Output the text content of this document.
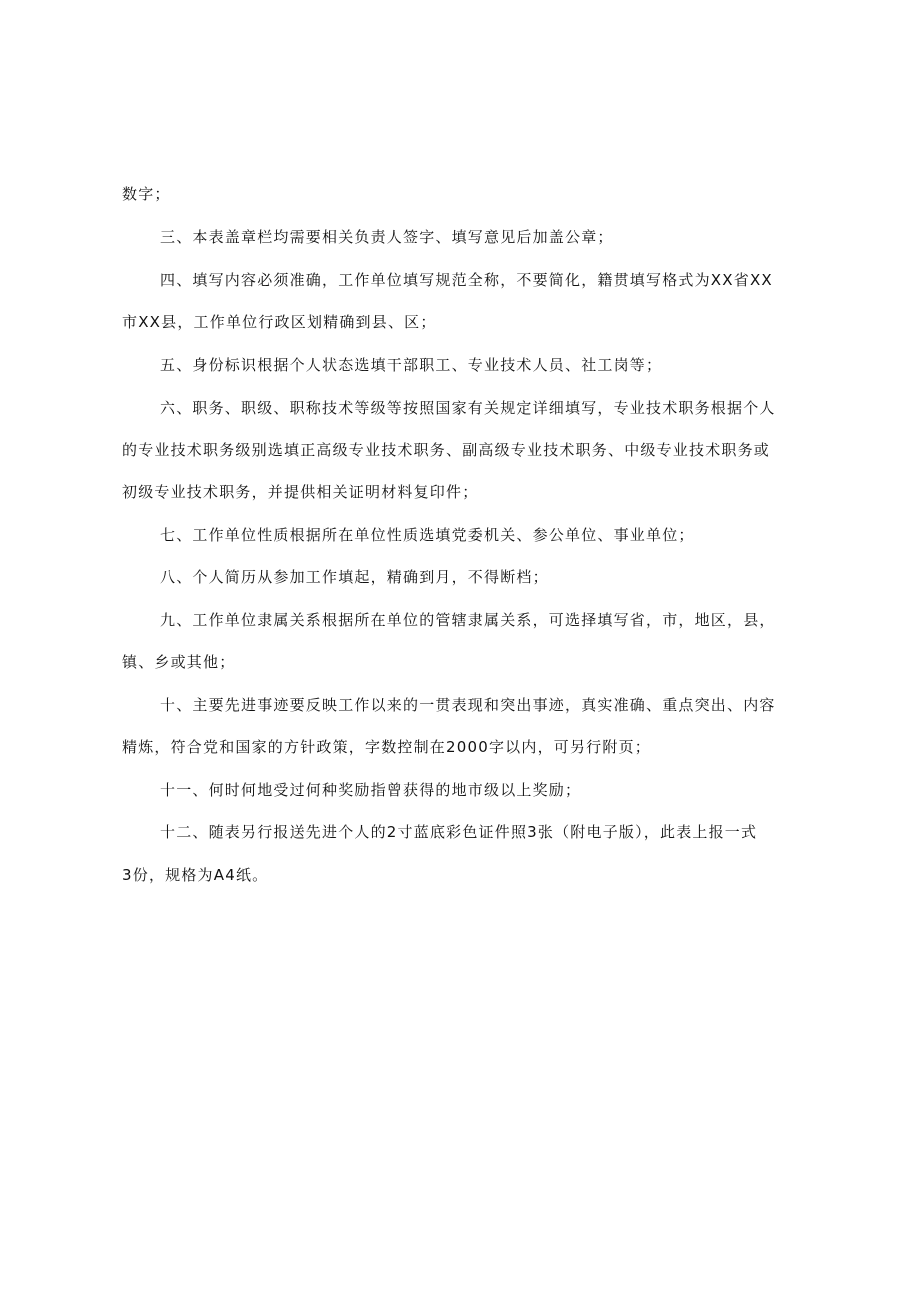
数字；
三、本表盖章栏均需要相关负责人签字、填写意见后加盖公章；
四、填写内容必须准确，工作单位填写规范全称，不要简化，籍贯填写格式为XX省XX
市XX县，工作单位行政区划精确到县、区；
五、身份标识根据个人状态选填干部职工、专业技术人员、社工岗等；
六、职务、职级、职称技术等级等按照国家有关规定详细填写，专业技术职务根据个人
的专业技术职务级别选填正高级专业技术职务、副高级专业技术职务、中级专业技术职务或
初级专业技术职务，并提供相关证明材料复印件；
七、工作单位性质根据所在单位性质选填党委机关、参公单位、事业单位；
八、个人简历从参加工作填起，精确到月，不得断档；
九、工作单位隶属关系根据所在单位的管辖隶属关系，可选择填写省，市，地区，县，
镇、乡或其他；
十、主要先进事迹要反映工作以来的一贯表现和突出事迹，真实准确、重点突出、内容
精炼，符合党和国家的方针政策，字数控制在2000字以内，可另行附页；
十一、何时何地受过何种奖励指曾获得的地市级以上奖励；
十二、随表另行报送先进个人的2寸蓝底彩色证件照3张（附电子版），此表上报一式
3份，规格为A4纸。
